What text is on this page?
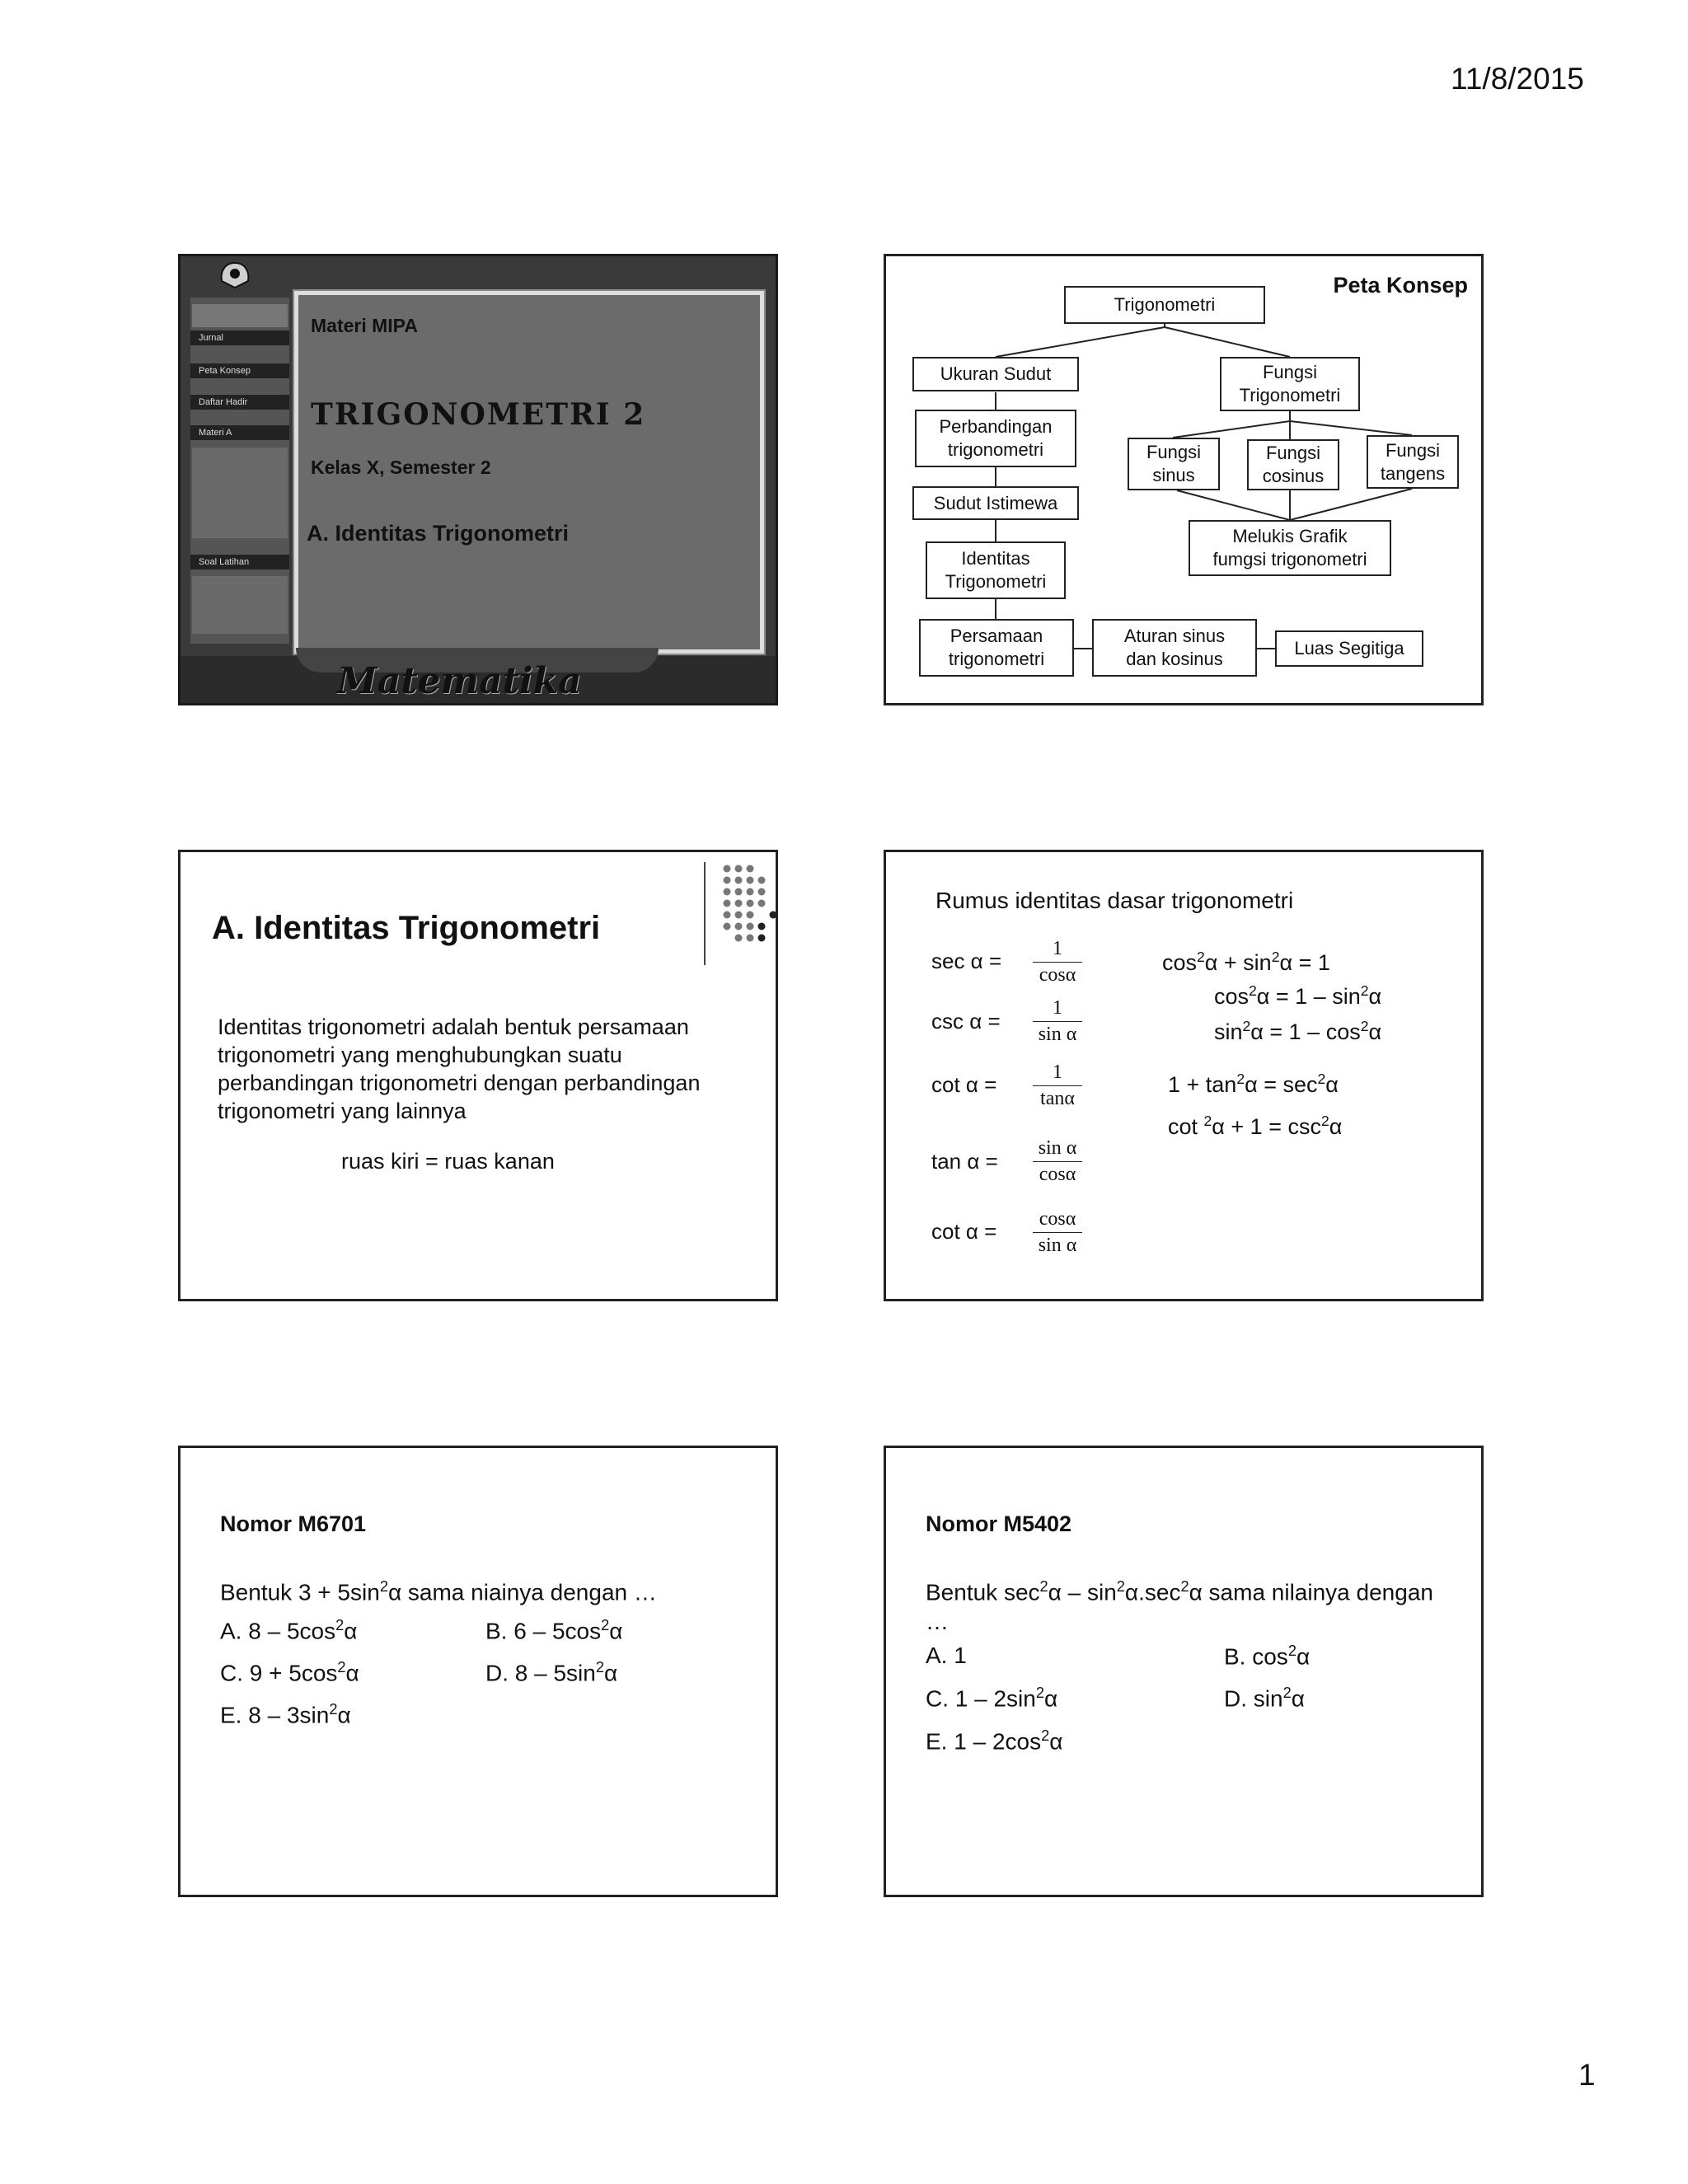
11/8/2015
Jurnal
Peta Konsep
Daftar Hadir
Materi A
Soal Latihan
Materi MIPA
TRIGONOMETRI 2
Kelas X, Semester 2
A. Identitas Trigonometri
Matematika
Peta Konsep
Trigonometri
Ukuran Sudut	Fungsi
Trigonometri
Perbandingan
trigonometri	Fungsi
sinus
Fungsi
cosinus
Fungsi
tangens
Sudut Istimewa
Melukis Grafik
fumgsi trigonometri
Identitas
Trigonometri
Persamaan
trigonometri
Aturan sinus
dan kosinus
Luas Segitiga
A. Identitas Trigonometri
Identitas trigonometri adalah bentuk persamaan trigonometri yang menghubungkan suatu perbandingan trigonometri dengan perbandingan trigonometri yang lainnya
ruas kiri = ruas kanan
Rumus identitas dasar trigonometri
$\sec \alpha = \frac{1}{\cos\alpha}$
$\csc \alpha = \frac{1}{\text{sin α}}$
$\cot \alpha = \frac{1}{\tan\alpha}$
$\tan \alpha = \frac{\text{sin α}}{\cos\alpha}$
$\cot \alpha = \frac{\cos\alpha}{\text{sin α}}$
$\cos^2\alpha + \sin^2\alpha = 1$
$\cos^2\alpha = 1 - \sin^2\alpha$
$\sin^2\alpha = 1 - \cos^2\alpha$
$1 + \tan^2\alpha = \sec^2\alpha$
$\cot ^2\alpha + 1 = \csc^2\alpha$
Nomor M6701
Bentuk $3 + 5\sin^2\alpha$ sama niainya dengan …
A. $8 - 5\cos^2\alpha$	B. $6 - 5\cos^2\alpha$
C. $9 + 5\cos^2\alpha$	D. $8 - 5\sin^2\alpha$
E. $8 - 3\sin^2\alpha$
Nomor M5402
Bentuk $\sec^2\alpha - \sin^2\alpha.\sec^2\alpha$ sama nilainya dengan …
A. 1	B. $\cos^2\alpha$
C. $1 - 2\sin^2\alpha$	D. $\sin^2\alpha$
E. $1 - 2\cos^2\alpha$
1
